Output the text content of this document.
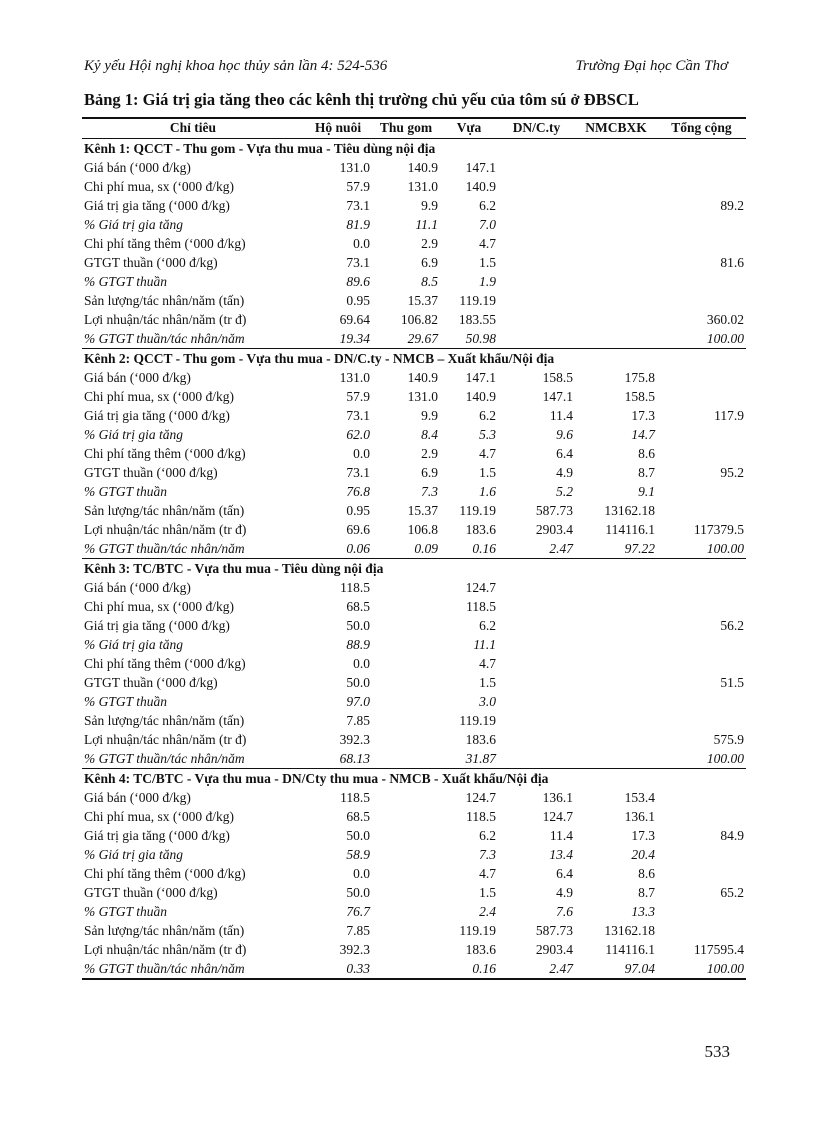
Kỷ yếu Hội nghị khoa học thủy sản lần 4: 524-536	Trường Đại học Cần Thơ
Bảng 1: Giá trị gia tăng theo các kênh thị trường chủ yếu của tôm sú ở ĐBSCL
Chỉ tiêu	Hộ nuôi	Thu gom	Vựa	DN/C.ty	NMCBXK	Tổng cộng
Kênh 1: QCCT - Thu gom - Vựa thu mua - Tiêu dùng nội địa						
Giá bán (‘000 đ/kg)	131.0	140.9	147.1			
Chi phí mua, sx (‘000 đ/kg)	57.9	131.0	140.9			
Giá trị gia tăng (‘000 đ/kg)	73.1	9.9	6.2			89.2
% Giá trị gia tăng	81.9	11.1	7.0			
Chi phí tăng thêm (‘000 đ/kg)	0.0	2.9	4.7			
GTGT thuần (‘000 đ/kg)	73.1	6.9	1.5			81.6
% GTGT thuần	89.6	8.5	1.9			
Sản lượng/tác nhân/năm (tấn)	0.95	15.37	119.19			
Lợi nhuận/tác nhân/năm (tr đ)	69.64	106.82	183.55			360.02
% GTGT thuần/tác nhân/năm	19.34	29.67	50.98			100.00
Kênh 2: QCCT - Thu gom - Vựa thu mua - DN/C.ty - NMCB – Xuất khẩu/Nội địa						
Giá bán (‘000 đ/kg)	131.0	140.9	147.1	158.5	175.8	
Chi phí mua, sx (‘000 đ/kg)	57.9	131.0	140.9	147.1	158.5	
Giá trị gia tăng (‘000 đ/kg)	73.1	9.9	6.2	11.4	17.3	117.9
% Giá trị gia tăng	62.0	8.4	5.3	9.6	14.7	
Chi phí tăng thêm (‘000 đ/kg)	0.0	2.9	4.7	6.4	8.6	
GTGT thuần (‘000 đ/kg)	73.1	6.9	1.5	4.9	8.7	95.2
% GTGT thuần	76.8	7.3	1.6	5.2	9.1	
Sản lượng/tác nhân/năm (tấn)	0.95	15.37	119.19	587.73	13162.18	
Lợi nhuận/tác nhân/năm (tr đ)	69.6	106.8	183.6	2903.4	114116.1	117379.5
% GTGT thuần/tác nhân/năm	0.06	0.09	0.16	2.47	97.22	100.00
Kênh 3: TC/BTC - Vựa thu mua - Tiêu dùng nội địa						
Giá bán (‘000 đ/kg)	118.5		124.7			
Chi phí mua, sx (‘000 đ/kg)	68.5		118.5			
Giá trị gia tăng (‘000 đ/kg)	50.0		6.2			56.2
% Giá trị gia tăng	88.9		11.1			
Chi phí tăng thêm (‘000 đ/kg)	0.0		4.7			
GTGT thuần (‘000 đ/kg)	50.0		1.5			51.5
% GTGT thuần	97.0		3.0			
Sản lượng/tác nhân/năm (tấn)	7.85		119.19			
Lợi nhuận/tác nhân/năm (tr đ)	392.3		183.6			575.9
% GTGT thuần/tác nhân/năm	68.13		31.87			100.00
Kênh 4: TC/BTC - Vựa thu mua - DN/Cty thu mua - NMCB - Xuất khẩu/Nội địa						
Giá bán (‘000 đ/kg)	118.5		124.7	136.1	153.4	
Chi phí mua, sx (‘000 đ/kg)	68.5		118.5	124.7	136.1	
Giá trị gia tăng (‘000 đ/kg)	50.0		6.2	11.4	17.3	84.9
% Giá trị gia tăng	58.9		7.3	13.4	20.4	
Chi phí tăng thêm (‘000 đ/kg)	0.0		4.7	6.4	8.6	
GTGT thuần (‘000 đ/kg)	50.0		1.5	4.9	8.7	65.2
% GTGT thuần	76.7		2.4	7.6	13.3	
Sản lượng/tác nhân/năm (tấn)	7.85		119.19	587.73	13162.18	
Lợi nhuận/tác nhân/năm (tr đ)	392.3		183.6	2903.4	114116.1	117595.4
% GTGT thuần/tác nhân/năm	0.33		0.16	2.47	97.04	100.00
533
